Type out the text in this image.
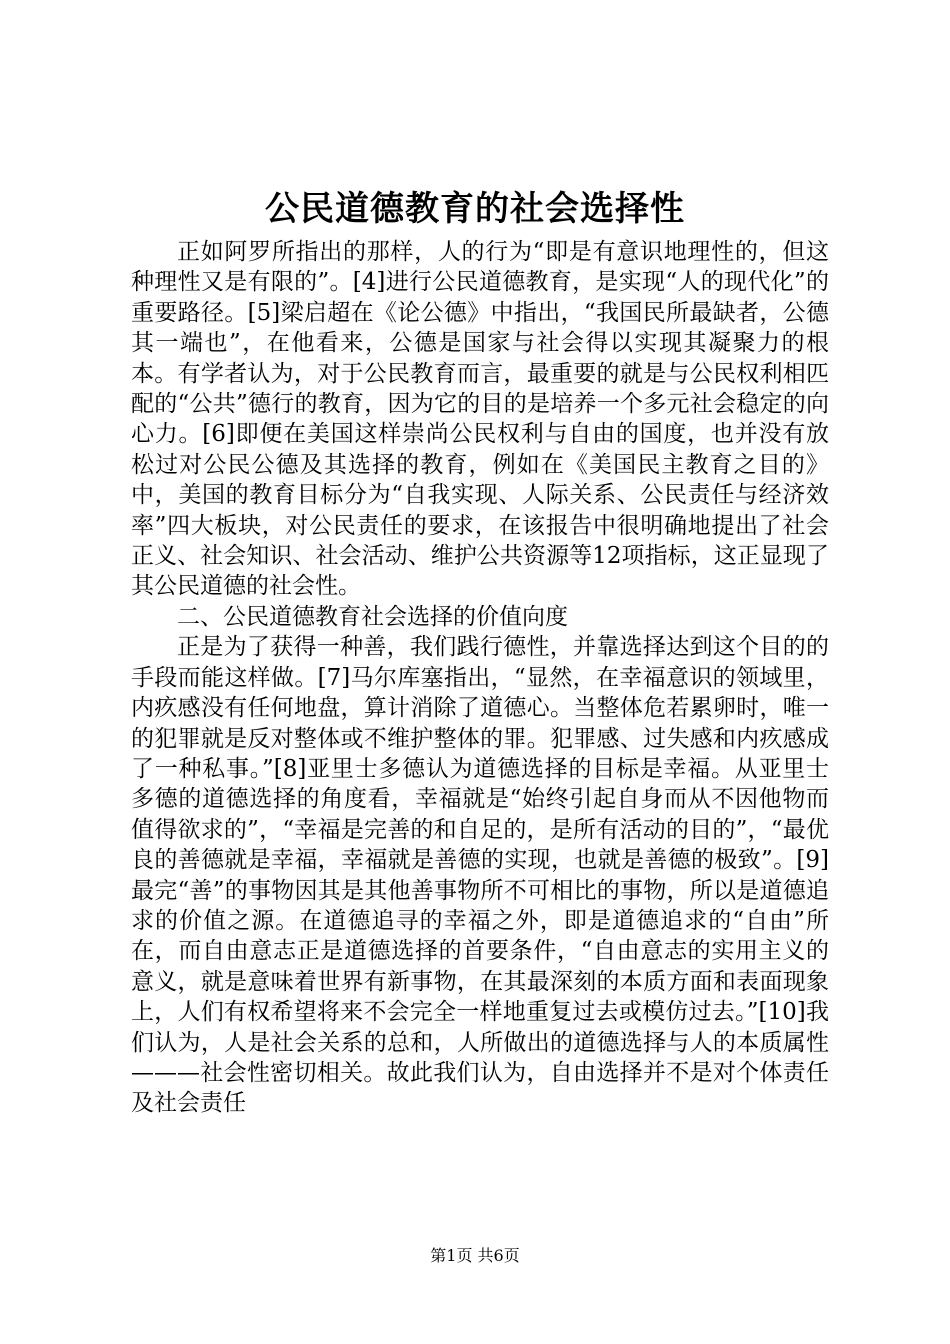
公民道德教育的社会选择性

正如阿罗所指出的那样，人的行为“即是有意识地理性的，但这种理性又是有限的”。[4]进行公民道德教育，是实现“人的现代化”的重要路径。[5]梁启超在《论公德》中指出，“我国民所最缺者，公德其一端也”，在他看来，公德是国家与社会得以实现其凝聚力的根本。有学者认为，对于公民教育而言，最重要的就是与公民权利相匹配的“公共”德行的教育，因为它的目的是培养一个多元社会稳定的向心力。[6]即便在美国这样崇尚公民权利与自由的国度，也并没有放松过对公民公德及其选择的教育，例如在《美国民主教育之目的》中，美国的教育目标分为“自我实现、人际关系、公民责任与经济效率”四大板块，对公民责任的要求，在该报告中很明确地提出了社会正义、社会知识、社会活动、维护公共资源等12项指标，这正显现了其公民道德的社会性。

二、公民道德教育社会选择的价值向度

正是为了获得一种善，我们践行德性，并靠选择达到这个目的的手段而能这样做。[7]马尔库塞指出，“显然，在幸福意识的领域里，内疚感没有任何地盘，算计消除了道德心。当整体危若累卵时，唯一的犯罪就是反对整体或不维护整体的罪。犯罪感、过失感和内疚感成了一种私事。”[8]亚里士多德认为道德选择的目标是幸福。从亚里士多德的道德选择的角度看，幸福就是“始终引起自身而从不因他物而值得欲求的”，“幸福是完善的和自足的，是所有活动的目的”，“最优良的善德就是幸福，幸福就是善德的实现，也就是善德的极致”。[9]最完“善”的事物因其是其他善事物所不可相比的事物，所以是道德追求的价值之源。在道德追寻的幸福之外，即是道德追求的“自由”所在，而自由意志正是道德选择的首要条件，“自由意志的实用主义的意义，就是意味着世界有新事物，在其最深刻的本质方面和表面现象上，人们有权希望将来不会完全一样地重复过去或模仿过去。”[10]我们认为，人是社会关系的总和，人所做出的道德选择与人的本质属性———社会性密切相关。故此我们认为，自由选择并不是对个体责任及社会责任

第1页 共6页
